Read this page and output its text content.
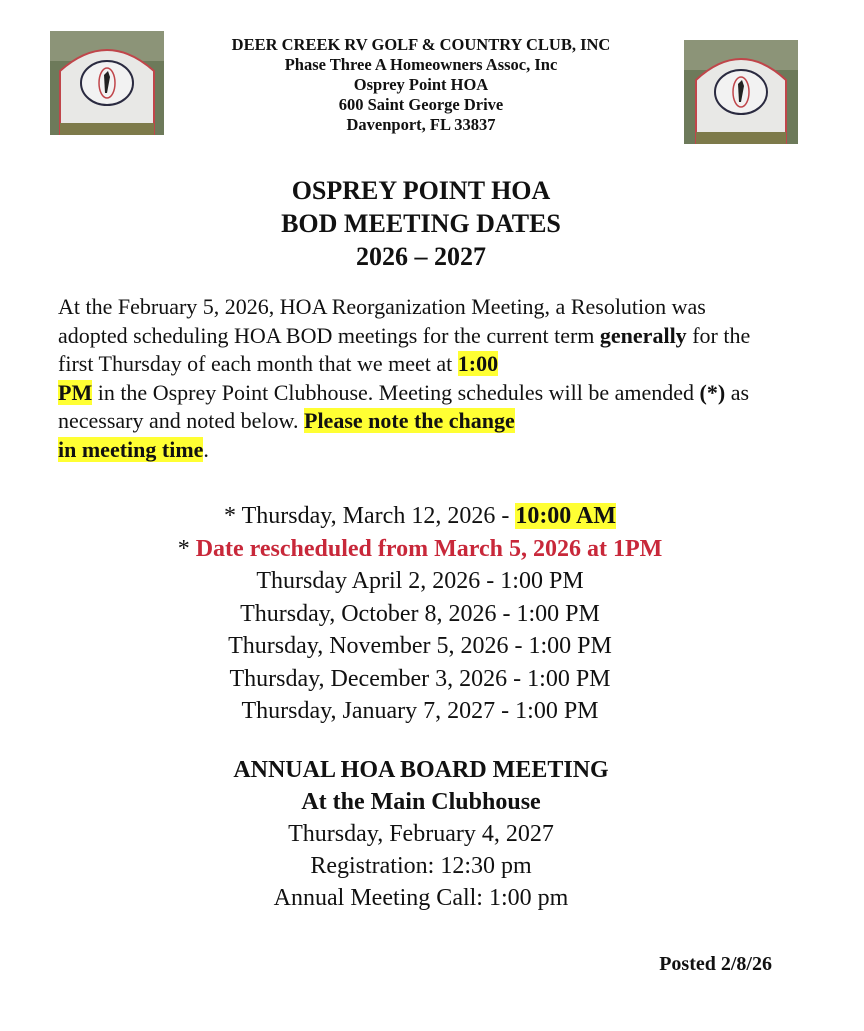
DEER CREEK RV GOLF & COUNTRY CLUB, INC
Phase Three A Homeowners Assoc, Inc
Osprey Point HOA
600 Saint George Drive
Davenport, FL 33837
OSPREY POINT HOA
BOD MEETING DATES
2026 – 2027
At the February 5, 2026, HOA Reorganization Meeting, a Resolution was adopted scheduling HOA BOD meetings for the current term generally for the first Thursday of each month that we meet at 1:00
PM in the Osprey Point Clubhouse. Meeting schedules will be amended (*) as necessary and noted below. Please note the change
in meeting time.
* Thursday, March 12, 2026 - 10:00 AM
* Date rescheduled from March 5, 2026 at 1PM
Thursday April 2, 2026 - 1:00 PM
Thursday, October 8, 2026 - 1:00 PM
Thursday, November 5, 2026 - 1:00 PM
Thursday, December 3, 2026 - 1:00 PM
Thursday, January 7, 2027 - 1:00 PM
ANNUAL HOA BOARD MEETING
At the Main Clubhouse
Thursday, February 4, 2027
Registration: 12:30 pm
Annual Meeting Call: 1:00 pm
Posted 2/8/26
